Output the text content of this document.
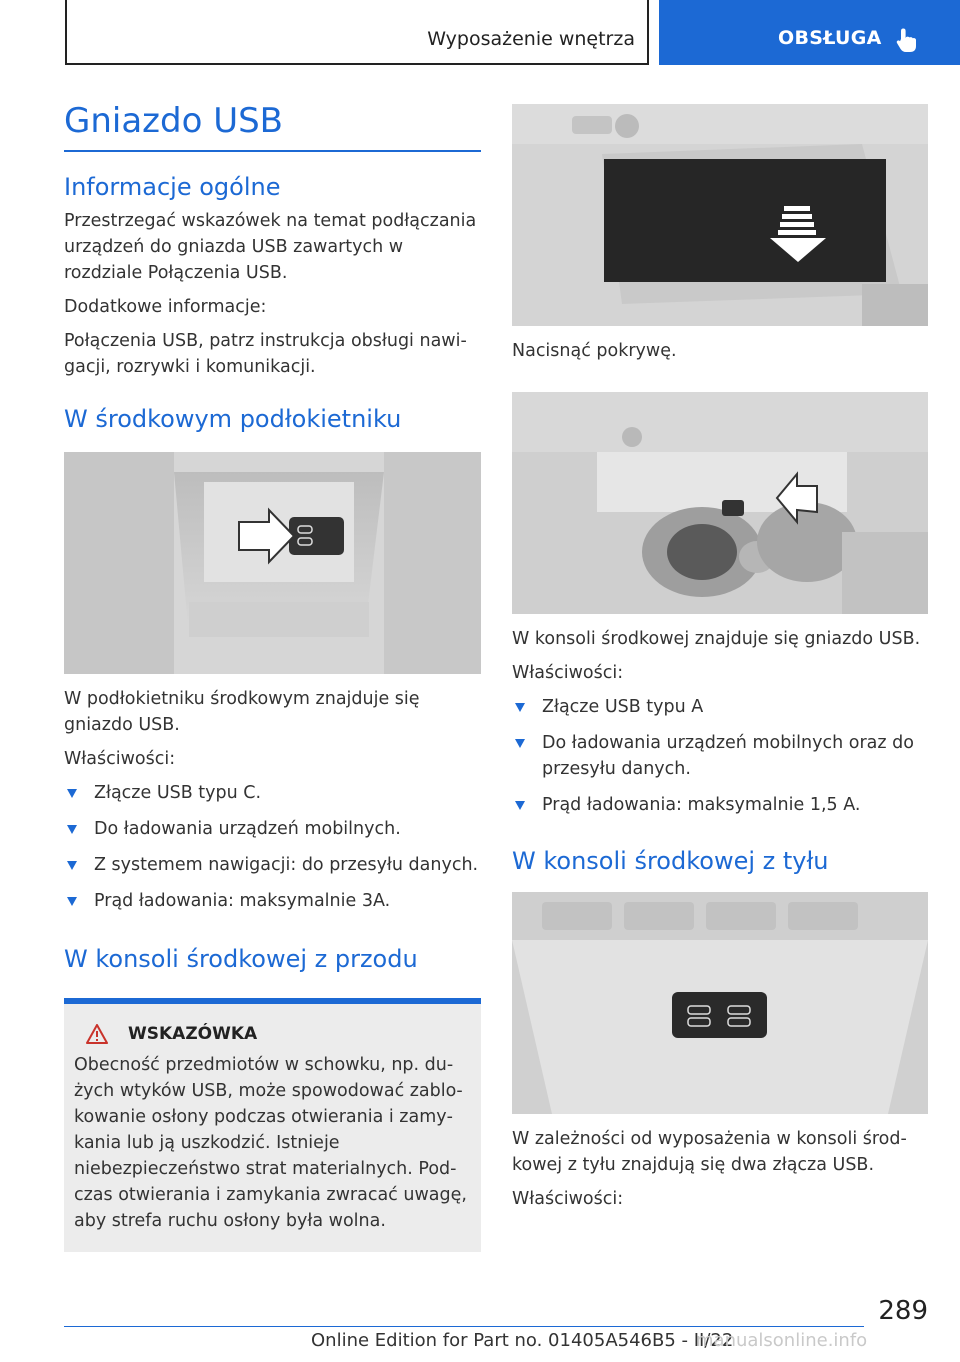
Wyposażenie wnętrza	OBSŁUGA
Gniazdo USB
Informacje ogólne

Przestrzegać wskazówek na temat podłączania urządzeń do gniazda USB zawartych w rozdziale Połączenia USB.

Dodatkowe informacje:

Połączenia USB, patrz instrukcja obsługi nawigacji, rozrywki i komunikacji.

W środkowym podłokietniku

W podłokietniku środkowym znajduje się gniazdo USB.

Właściwości:

Złącze USB typu C.
Do ładowania urządzeń mobilnych.
Z systemem nawigacji: do przesyłu danych.
Prąd ładowania: maksymalnie 3A.
W konsoli środkowej z przodu
WSKAZÓWKA

Obecność przedmiotów w schowku, np. dużych wtyków USB, może spowodować zablokowanie osłony podczas otwierania i zamykania lub ją uszkodzić. Istnieje niebezpieczeństwo strat materialnych. Podczas otwierania i zamykania zwracać uwagę, aby strefa ruchu osłony była wolna.

Nacisnąć pokrywę.

W konsoli środkowej znajduje się gniazdo USB.

Właściwości:

Złącze USB typu A
Do ładowania urządzeń mobilnych oraz do przesyłu danych.
Prąd ładowania: maksymalnie 1,5 A.
W konsoli środkowej z tyłu

W zależności od wyposażenia w konsoli środkowej z tyłu znajdują się dwa złącza USB.

Właściwości:

289
Online Edition for Part no. 01405A546B5 - II/22
manualsonline.info
